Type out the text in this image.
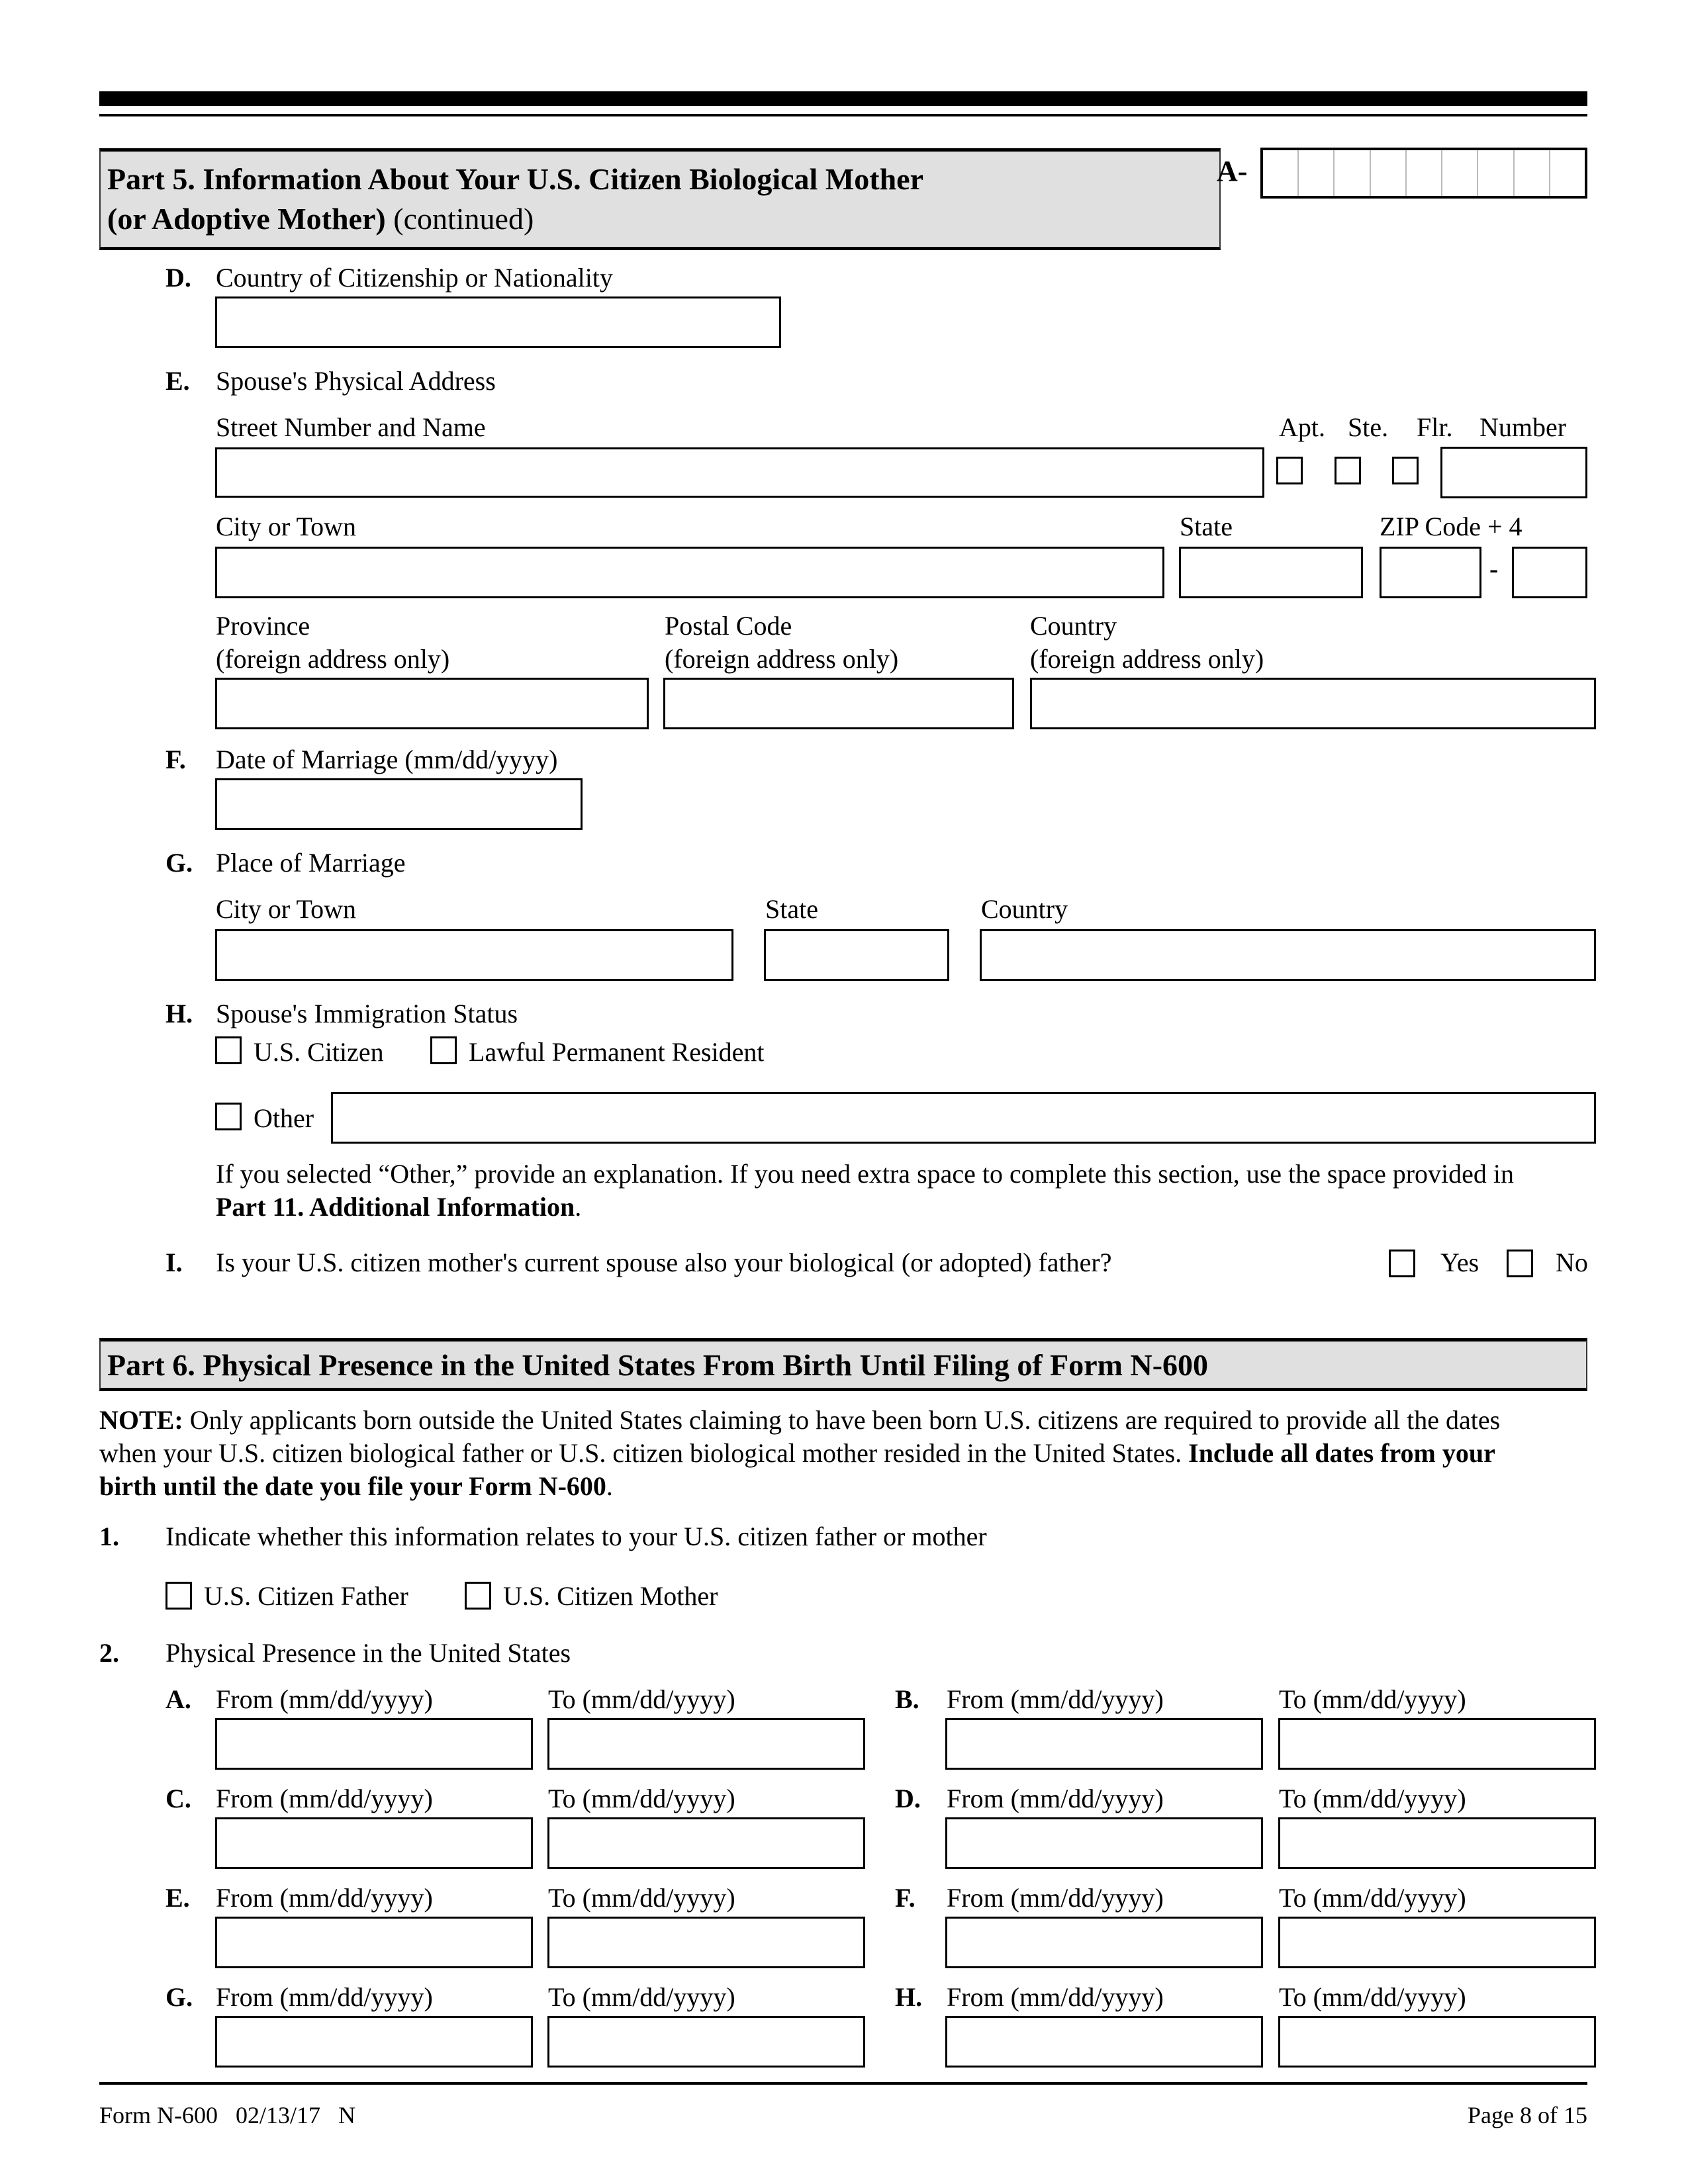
Part 5. Information About Your U.S. Citizen Biological Mother
(or Adoptive Mother) (continued)
A-
D. Country of Citizenship or Nationality
E. Spouse's Physical Address
Street Number and Name	Apt. Ste. Flr. Number
City or Town	State	ZIP Code + 4
-
Province
(foreign address only)
Postal Code
(foreign address only)
Country
(foreign address only)
F. Date of Marriage (mm/dd/yyyy)
G. Place of Marriage
City or Town	State	Country
H. Spouse's Immigration Status
U.S. Citizen	Lawful Permanent Resident
Other
If you selected “Other,” provide an explanation. If you need extra space to complete this section, use the space provided in
Part 11. Additional Information.
I. Is your U.S. citizen mother's current spouse also your biological (or adopted) father?	Yes	No
Part 6. Physical Presence in the United States From Birth Until Filing of Form N-600
NOTE: Only applicants born outside the United States claiming to have been born U.S. citizens are required to provide all the dates
when your U.S. citizen biological father or U.S. citizen biological mother resided in the United States. Include all dates from your
birth until the date you file your Form N-600.
1. Indicate whether this information relates to your U.S. citizen father or mother
U.S. Citizen Father	U.S. Citizen Mother
2. Physical Presence in the United States
A. From (mm/dd/yyyy)	To (mm/dd/yyyy)	B. From (mm/dd/yyyy)	To (mm/dd/yyyy)
C. From (mm/dd/yyyy)	To (mm/dd/yyyy)	D. From (mm/dd/yyyy)	To (mm/dd/yyyy)
E. From (mm/dd/yyyy)	To (mm/dd/yyyy)	F. From (mm/dd/yyyy)	To (mm/dd/yyyy)
G. From (mm/dd/yyyy)	To (mm/dd/yyyy)	H. From (mm/dd/yyyy)	To (mm/dd/yyyy)
Form N-600   02/13/17   N	Page 8 of 15
